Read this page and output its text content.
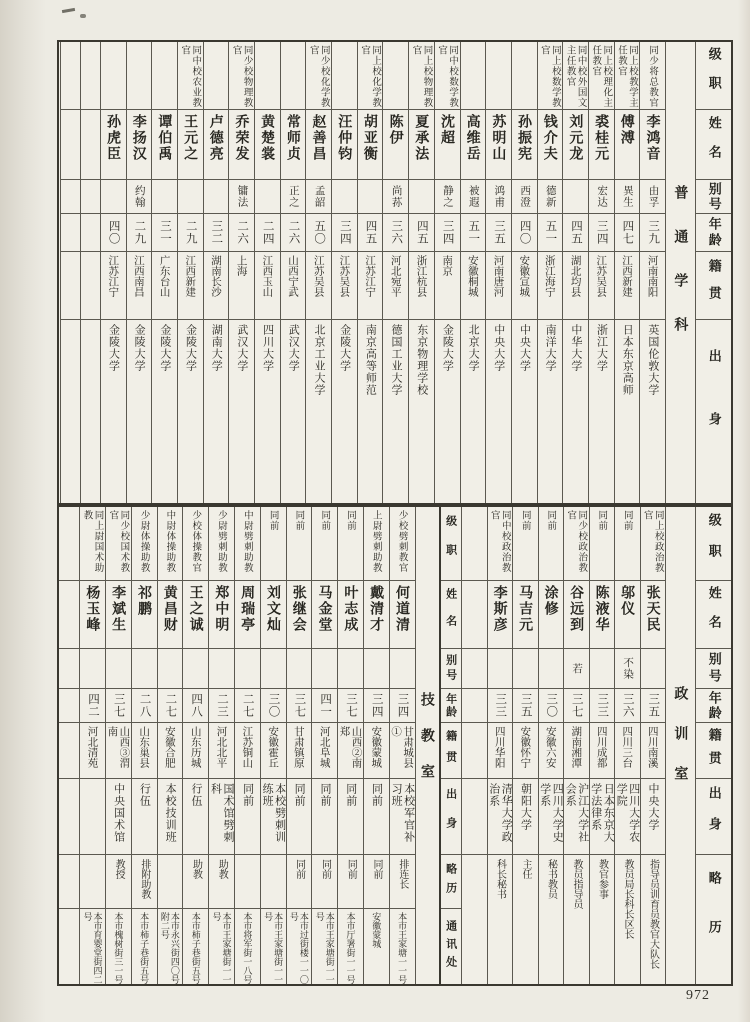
级职
姓名
别号
年龄
籍贯
出身
普通学科
同少将总教官
李鸿音
由孚
三九
河南南阳
英国伦敦大学
同上校教学主任教官
傅溥
異生
四七
江西新建
日本东京高师
同上校理化主任教官
裘桂元
宏达
三四
江苏吴县
浙江大学
同中校外国文主任教官
刘元龙
四五
湖北均县
中华大学
同上校数学教官
钱介夫
德新
五一
浙江海宁
南洋大学
孙振宪
西澄
四〇
安徽宣城
中央大学
苏明山
鸿甫
三五
河南唐河
中央大学
高维岳
被遐
五一
安徽桐城
北京大学
同中校数学教官
沈超
静之
三四
南京
金陵大学
同上校物理教官
夏承法
四五
浙江杭县
东京物理学校
陈伊
尚荪
三六
河北宛平
德国工业大学
同上校化学教官
胡亚衡
四五
江苏江宁
南京高等师范
汪仲钧
三四
江苏吴县
金陵大学
同少校化学教官
赵善昌
孟韶
五〇
江苏吴县
北京工业大学
常师贞
正之
二六
山西宁武
武汉大学
黄楚裳
二四
江西玉山
四川大学
同少校物理教官
乔荣发
镛法
二六
上海
武汉大学
卢德亮
三二
湖南长沙
湖南大学
同中校农业教官
王元之
二九
江西新建
金陵大学
谭伯禹
三一
广东台山
金陵大学
李扬汉
约翰
二九
江西南昌
金陵大学
孙虎臣
四〇
江苏江宁
金陵大学
级职
姓名
别号
年龄
籍贯
出身
略历
政训室
同上校政治教官
张天民
三五
四川南溪
中央大学
指导员训育员教官大队长
同前
邬仪
不染
三六
四川三台
四川大学农学院
教员局长科长区长
同前
陈液华
三三
四川成都
日本东京大学法律系
教官参事
同少校政治教官
谷远到
若
三七
湖南湘潭
沪江大学社会系
教员指导员
同前
涂修
三〇
安徽六安
四川大学史学系
秘书教员
同前
马吉元
三五
安徽怀宁
朝阳大学
主任
同中校政治教官
李斯彦
三三
四川华阳
清华大学政治系
科长秘书
级职
姓名
别号
年龄
籍贯
出身
略历
通讯处
技教室
少校劈刺教官
何道清
三四
甘肃城县①
本校军官补习班
排连长
本市王家塘一一号
上尉劈刺助教
戴清才
三四
安徽蒙城
同前
同前
安徽蒙城
同前
叶志成
三七
山西②南郑
同前
同前
本市厅署街一一号
同前
马金堂
四一
河北阜城
同前
同前
本市王家塘街一一号
同前
张继会
三七
甘肃镇原
同前
同前
本市过街楼一一〇号
同前
刘文灿
三〇
安徽霍丘
本校劈刺训练班
本市王家塘街一一号
中尉劈刺助教
周瑞亭
二七
江苏铜山
同前
本市将军街一八号
少尉劈刺助教
郑中明
二三
河北北平
国术馆劈刺科
助教
本市王家塘街一一号
少校体操教官
王之诚
四八
山东历城
行伍
助教
本市柿子巷街五号
中尉体操助教
黄昌财
二七
安徽合肥
本校技训班
本市永兴街四〇号附二号
少尉体操助教
祁鹏
二八
山东巢县
行伍
排附助教
本市柿子巷街五号
同少校国术教官
李斌生
三七
山西③渭南
中央国术馆
教授
本市槐树街三一号
同上尉国术助教
杨玉峰
四二
河北清苑
本市育婴堂街四二号
972
